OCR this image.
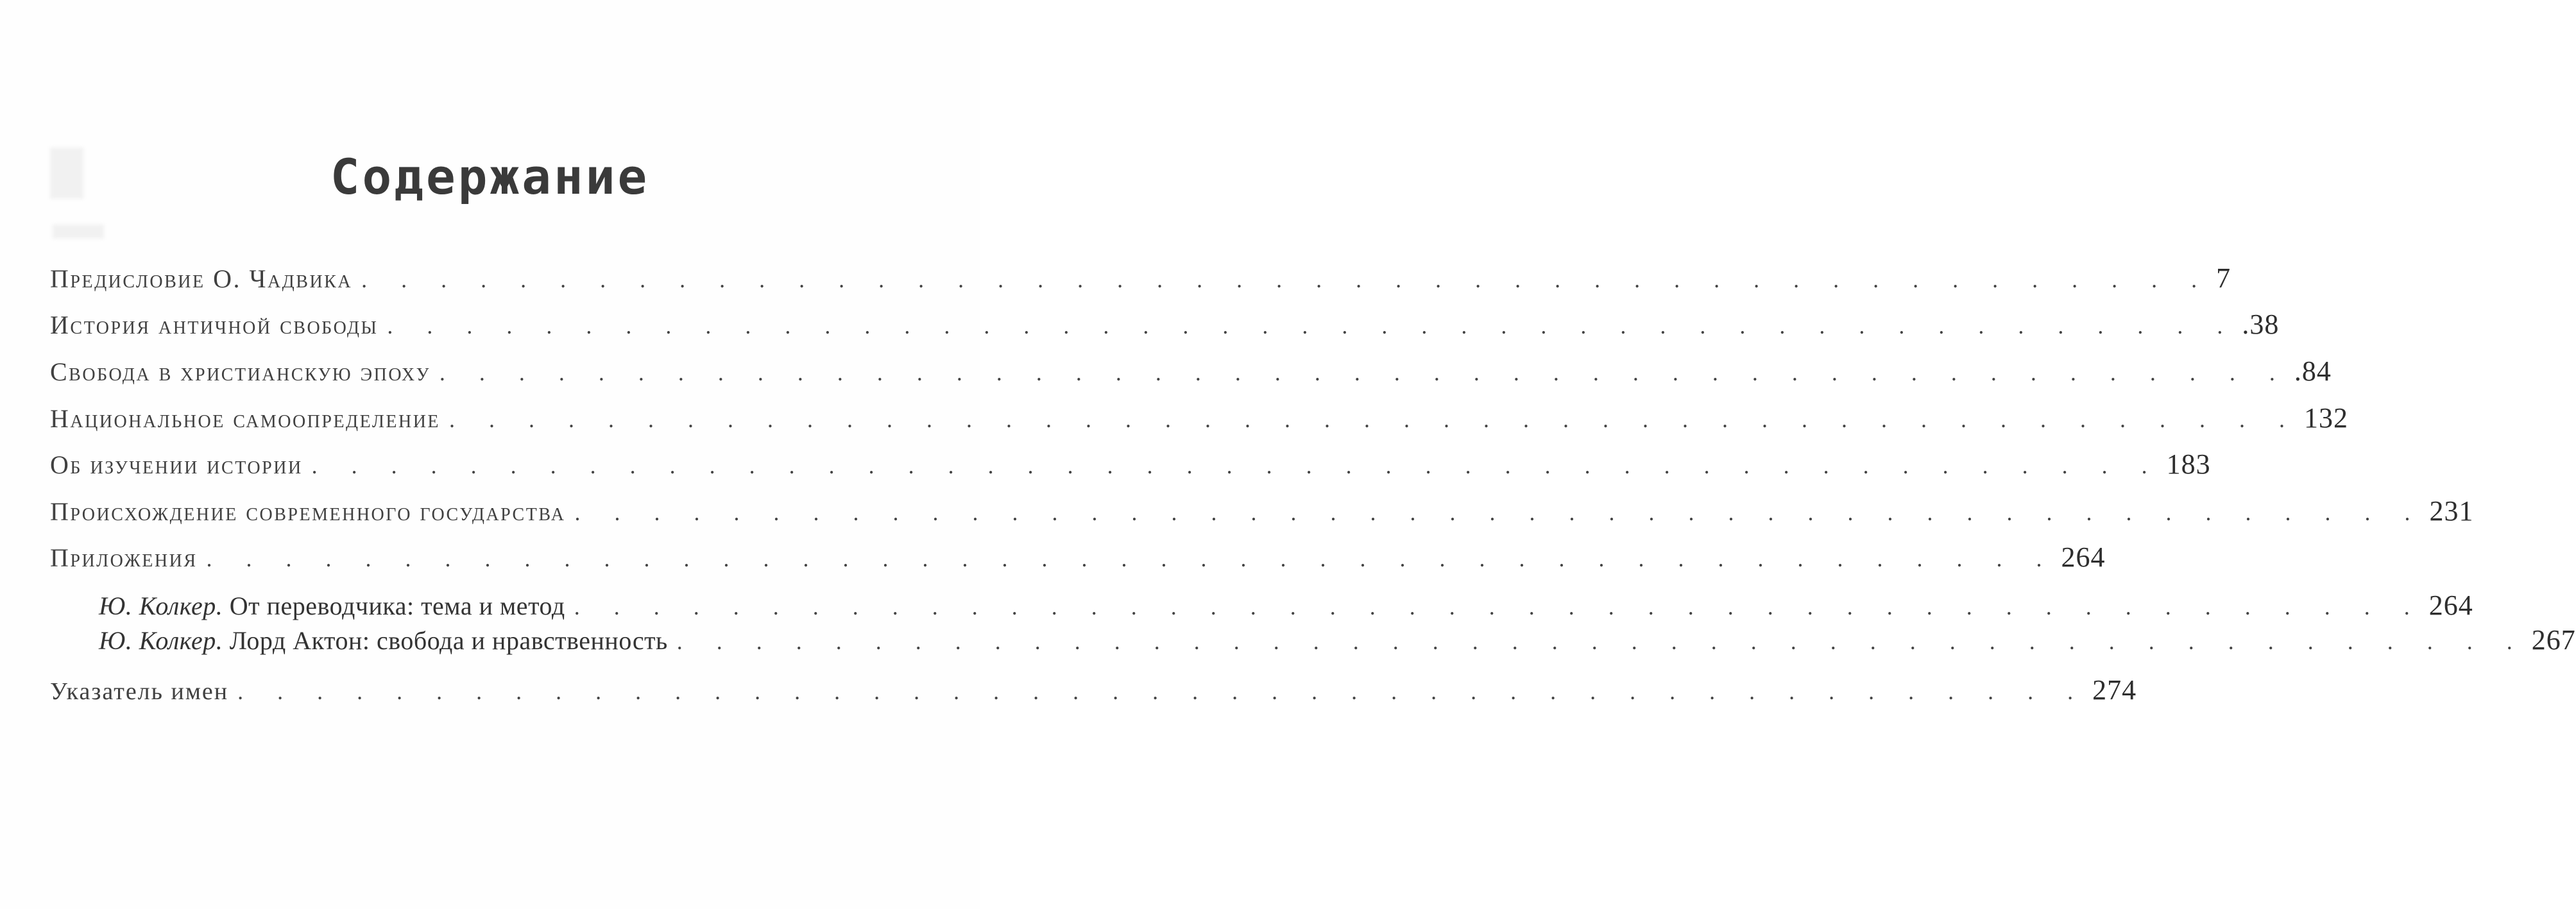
Содержание
Предисловие О. Чадвика . . . . . . . . . . . . . . . . . . . . . . . . . . . . . . . . . . . . . . . . . . . . . . . 7
История античной свободы . . . . . . . . . . . . . . . . . . . . . . . . . . . . . . . . . . . . . . . . . . . . . . . .38
Свобода в христианскую эпоху . . . . . . . . . . . . . . . . . . . . . . . . . . . . . . . . . . . . . . . . . . . . . . . .84
Национальное самоопределение . . . . . . . . . . . . . . . . . . . . . . . . . . . . . . . . . . . . . . . . . . . . . . . 132
Об изучении истории . . . . . . . . . . . . . . . . . . . . . . . . . . . . . . . . . . . . . . . . . . . . . . . 183
Происхождение современного государства . . . . . . . . . . . . . . . . . . . . . . . . . . . . . . . . . . . . . . . . . . . . . . . 231
Приложения . . . . . . . . . . . . . . . . . . . . . . . . . . . . . . . . . . . . . . . . . . . . . . . 264
Ю. Колкер. От переводчика: тема и метод . . . . . . . . . . . . . . . . . . . . . . . . . . . . . . . . . . . . . . . . . . . . . . . 264
Ю. Колкер. Лорд Актон: свобода и нравственность . . . . . . . . . . . . . . . . . . . . . . . . . . . . . . . . . . . . . . . . . . . . . . . 267
Указатель имен . . . . . . . . . . . . . . . . . . . . . . . . . . . . . . . . . . . . . . . . . . . . . . . 274
